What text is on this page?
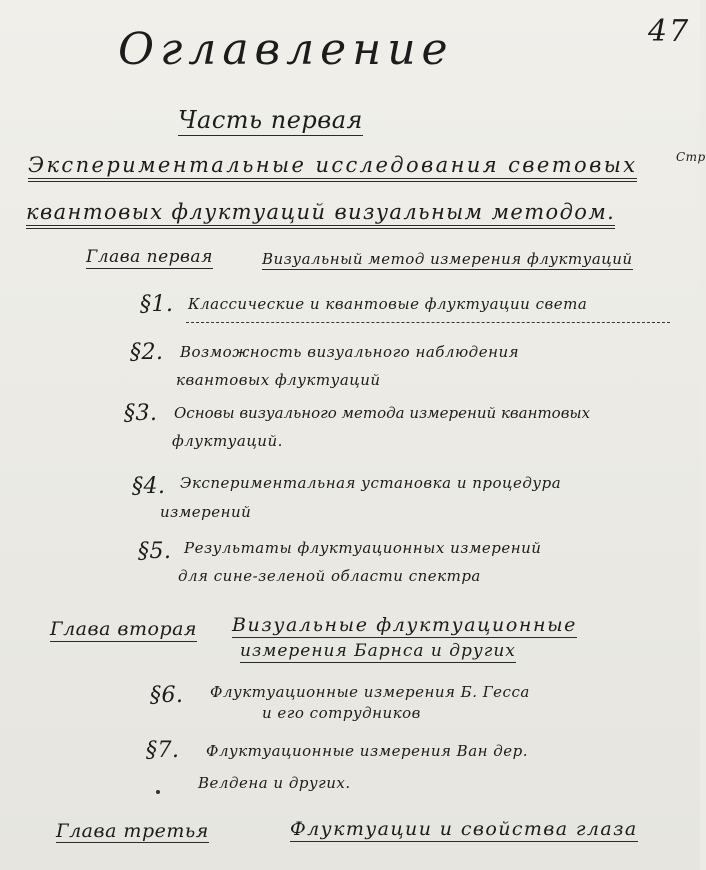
47
Стр
Оглавление
Часть первая
Экспериментальные исследования световых
квантовых флуктуаций визуальным методом.
Глава первая	Визуальный метод измерения флуктуаций
§1. Классические и квантовые флуктуации света
§2. Возможность визуального наблюдения
квантовых флуктуаций
§3. Основы визуального метода измерений квантовых
флуктуаций.
§4. Экспериментальная установка и процедура
измерений
§5. Результаты флуктуационных измерений
для сине-зеленой области спектра
Глава вторая Визуальные флуктуационные
измерения Барнса и других
§6. Флуктуационные измерения Б. Гесса
и его сотрудников
§7. Флуктуационные измерения Ван дер.
Велдена и других.
Глава третья	Флуктуации и свойства глаза
